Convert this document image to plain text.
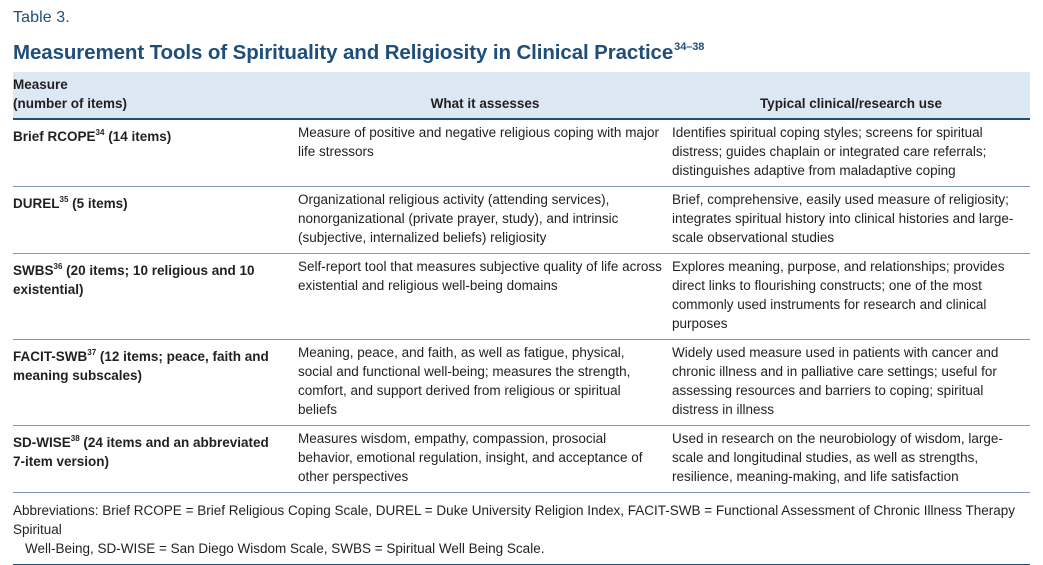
Table 3.
Measurement Tools of Spirituality and Religiosity in Clinical Practice$^{34-38}$
Measure
(number of items)	What it assesses	Typical clinical/research use
Brief RCOPE$^{34}$ (14 items)	Measure of positive and negative religious coping with major life stressors	Identifies spiritual coping styles; screens for spiritual distress; guides chaplain or integrated care referrals; distinguishes adaptive from maladaptive coping
DUREL$^{35}$ (5 items)	Organizational religious activity (attending services), nonorganizational (private prayer, study), and intrinsic (subjective, internalized beliefs) religiosity	Brief, comprehensive, easily used measure of religiosity; integrates spiritual history into clinical histories and large-scale observational studies
SWBS$^{36}$ (20 items; 10 religious and 10 existential)	Self-report tool that measures subjective quality of life across existential and religious well-being domains	Explores meaning, purpose, and relationships; provides direct links to flourishing constructs; one of the most commonly used instruments for research and clinical purposes
FACIT-SWB$^{37}$ (12 items; peace, faith and meaning subscales)	Meaning, peace, and faith, as well as fatigue, physical, social and functional well-being; measures the strength, comfort, and support derived from religious or spiritual beliefs	Widely used measure used in patients with cancer and chronic illness and in palliative care settings; useful for assessing resources and barriers to coping; spiritual distress in illness
SD-WISE$^{38}$ (24 items and an abbreviated 7-item version)	Measures wisdom, empathy, compassion, prosocial behavior, emotional regulation, insight, and acceptance of other perspectives	Used in research on the neurobiology of wisdom, large-scale and longitudinal studies, as well as strengths, resilience, meaning-making, and life satisfaction
Abbreviations: Brief RCOPE = Brief Religious Coping Scale, DUREL = Duke University Religion Index, FACIT-SWB = Functional Assessment of Chronic Illness Therapy Spiritual
Well-Being, SD-WISE = San Diego Wisdom Scale, SWBS = Spiritual Well Being Scale.
